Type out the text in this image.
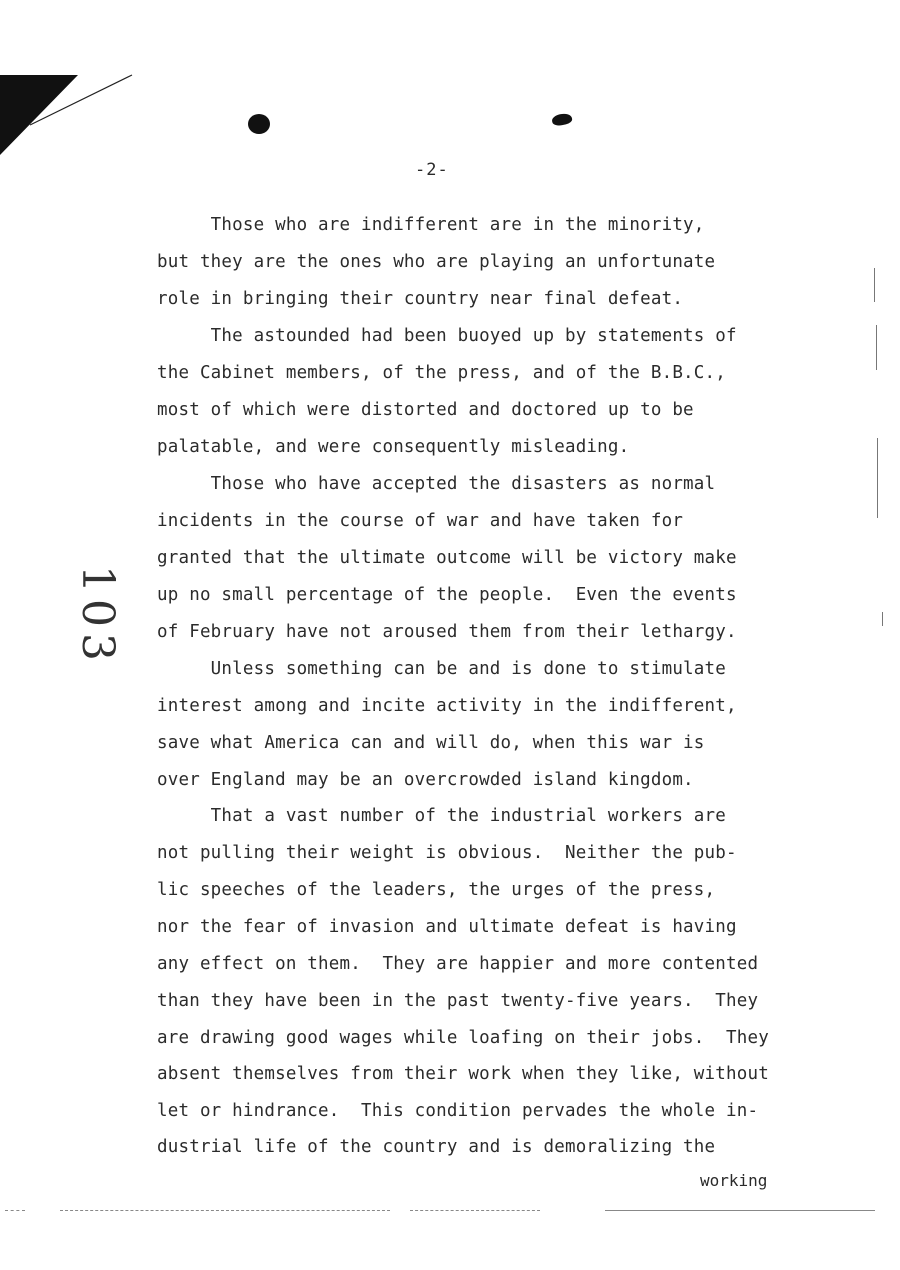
-2-
103
Those who are indifferent are in the minority,
but they are the ones who are playing an unfortunate
role in bringing their country near final defeat.
The astounded had been buoyed up by statements of
the Cabinet members, of the press, and of the B.B.C.,
most of which were distorted and doctored up to be
palatable, and were consequently misleading.
Those who have accepted the disasters as normal
incidents in the course of war and have taken for
granted that the ultimate outcome will be victory make
up no small percentage of the people.  Even the events
of February have not aroused them from their lethargy.
Unless something can be and is done to stimulate
interest among and incite activity in the indifferent,
save what America can and will do, when this war is
over England may be an overcrowded island kingdom.
That a vast number of the industrial workers are
not pulling their weight is obvious.  Neither the pub-
lic speeches of the leaders, the urges of the press,
nor the fear of invasion and ultimate defeat is having
any effect on them.  They are happier and more contented
than they have been in the past twenty-five years.  They
are drawing good wages while loafing on their jobs.  They
absent themselves from their work when they like, without
let or hindrance.  This condition pervades the whole in-
dustrial life of the country and is demoralizing the
working
